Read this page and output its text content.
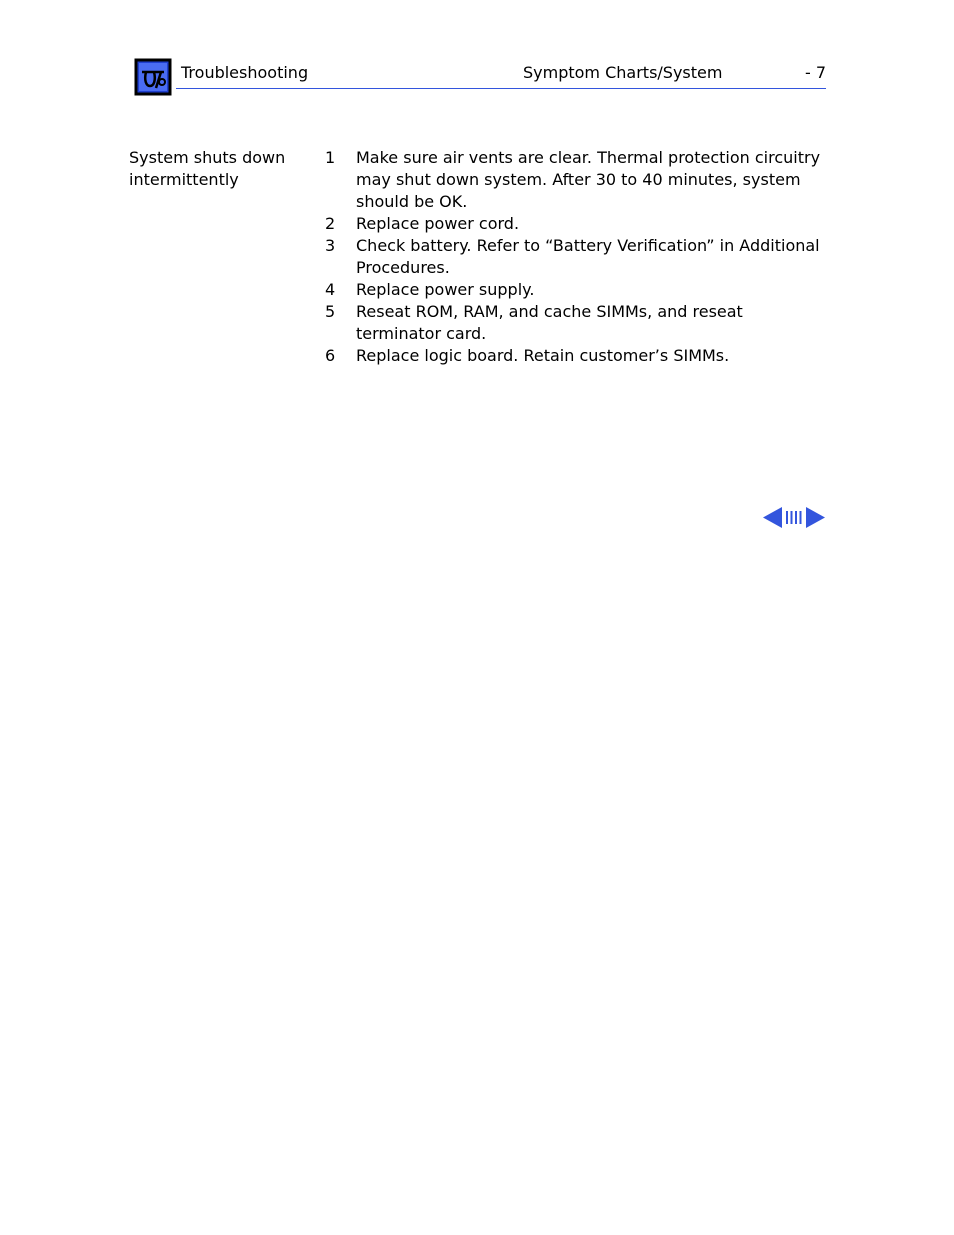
Troubleshooting	Symptom Charts/System	- 7
System shuts down intermittently
1	Make sure air vents are clear. Thermal protection circuitry may shut down system. After 30 to 40 minutes, system should be OK.
2	Replace power cord.
3	Check battery. Refer to “Battery Verification” in Additional Procedures.
4	Replace power supply.
5	Reseat ROM, RAM, and cache SIMMs, and reseat terminator card.
6	Replace logic board. Retain customer’s SIMMs.
